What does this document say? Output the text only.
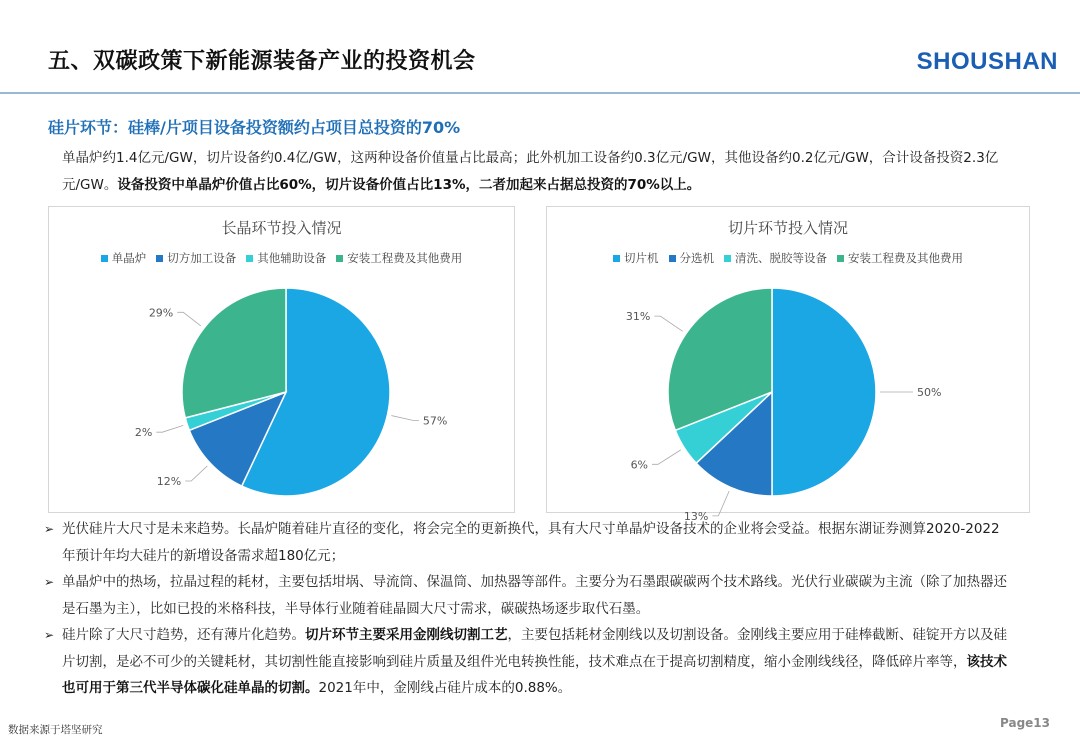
五、双碳政策下新能源装备产业的投资机会	SHOUSHAN
硅片环节：硅棒/片项目设备投资额约占项目总投资的70%
单晶炉约1.4亿元/GW，切片设备约0.4亿/GW，这两种设备价值量占比最高；此外机加工设备约0.3亿元/GW，其他设备约0.2亿元/GW，合计设备投资2.3亿元/GW。设备投资中单晶炉价值占比60%，切片设备价值占比13%，二者加起来占据总投资的70%以上。
长晶环节投入情况
单晶炉 切方加工设备 其他辅助设备 安装工程费及其他费用
57%
12%
2%
29%
切片环节投入情况
切片机 分选机 清洗、脱胶等设备 安装工程费及其他费用
50%
13%
6%
31%
➢ 光伏硅片大尺寸是未来趋势。长晶炉随着硅片直径的变化，将会完全的更新换代，具有大尺寸单晶炉设备技术的企业将会受益。根据东湖证券测算2020-2022年预计年均大硅片的新增设备需求超180亿元；
➢ 单晶炉中的热场，拉晶过程的耗材，主要包括坩埚、导流筒、保温筒、加热器等部件。主要分为石墨跟碳碳两个技术路线。光伏行业碳碳为主流（除了加热器还是石墨为主），比如已投的米格科技，半导体行业随着硅晶圆大尺寸需求，碳碳热场逐步取代石墨。
➢ 硅片除了大尺寸趋势，还有薄片化趋势。切片环节主要采用金刚线切割工艺，主要包括耗材金刚线以及切割设备。金刚线主要应用于硅棒截断、硅锭开方以及硅片切割，是必不可少的关键耗材，其切割性能直接影响到硅片质量及组件光电转换性能，技术难点在于提高切割精度，缩小金刚线线径，降低碎片率等，该技术也可用于第三代半导体碳化硅单晶的切割。2021年中，金刚线占硅片成本的0.88%。
数据来源于塔坚研究	Page13
